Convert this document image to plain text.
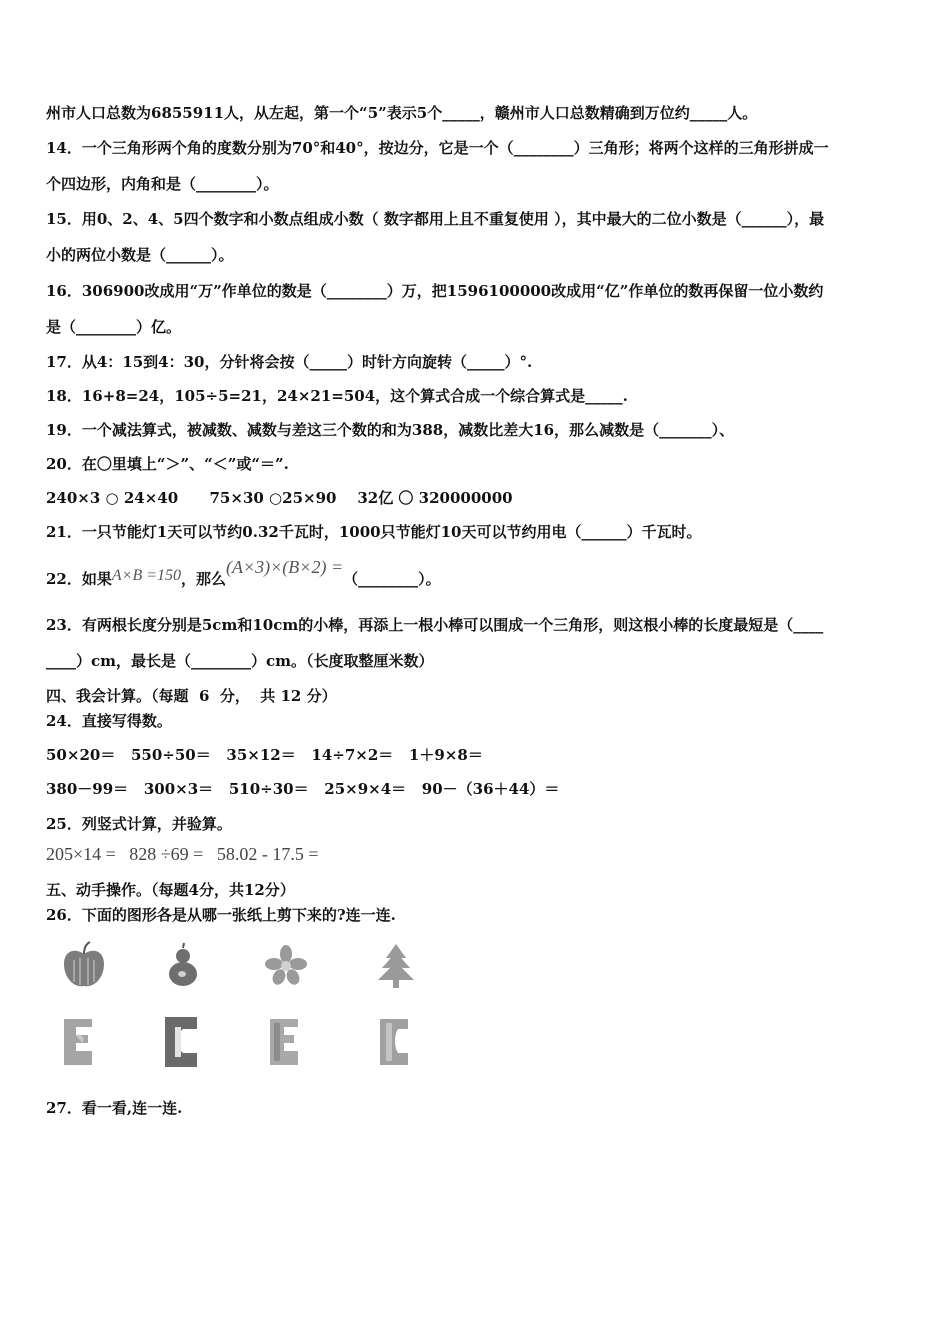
州市人口总数为6855911人，从左起，第一个“5”表示5个_____，赣州市人口总数精确到万位约_____人。
14．一个三角形两个角的度数分别为70°和40°，按边分，它是一个（________）三角形；将两个这样的三角形拼成一
个四边形，内角和是（________）。
15．用0、2、4、5四个数字和小数点组成小数（ 数字都用上且不重复使用 ），其中最大的二位小数是（______），最
小的两位小数是（______）。
16．306900改成用“万”作单位的数是（________）万，把1596100000改成用“亿”作单位的数再保留一位小数约
是（________）亿。
17．从4：15到4：30，分针将会按（_____）时针方向旋转（_____）°.
18．16+8=24，105÷5=21，24×21=504，这个算式合成一个综合算式是_____.
19．一个减法算式，被减数、减数与差这三个数的和为388，减数比差大16，那么减数是（_______）、
20．在〇里填上“＞”、“＜”或“＝”.
240×3 ○ 24×40      75×30 ○25×90    32亿 〇 320000000
21．一只节能灯1天可以节约0.32千瓦时，1000只节能灯10天可以节约用电（______）千瓦时。
22．如果A×B =150，那么(A×3)×(B×2) =（________）。
23．有两根长度分别是5cm和10cm的小棒，再添上一根小棒可以围成一个三角形，则这根小棒的长度最短是（____
____）cm，最长是（________）cm。（长度取整厘米数）
四、我会计算。（每题  6  分，  共 12 分）
24．直接写得数。
50×20＝   550÷50＝   35×12＝   14÷7×2＝   1＋9×8＝
380－99＝   300×3＝   510÷30＝   25×9×4＝   90－（36＋44）＝
25．列竖式计算，并验算。
205×14 =   828 ÷69 =   58.02 - 17.5 =
五、动手操作。（每题4分，共12分）
26．下面的图形各是从哪一张纸上剪下来的?连一连.
27．看一看,连一连.
